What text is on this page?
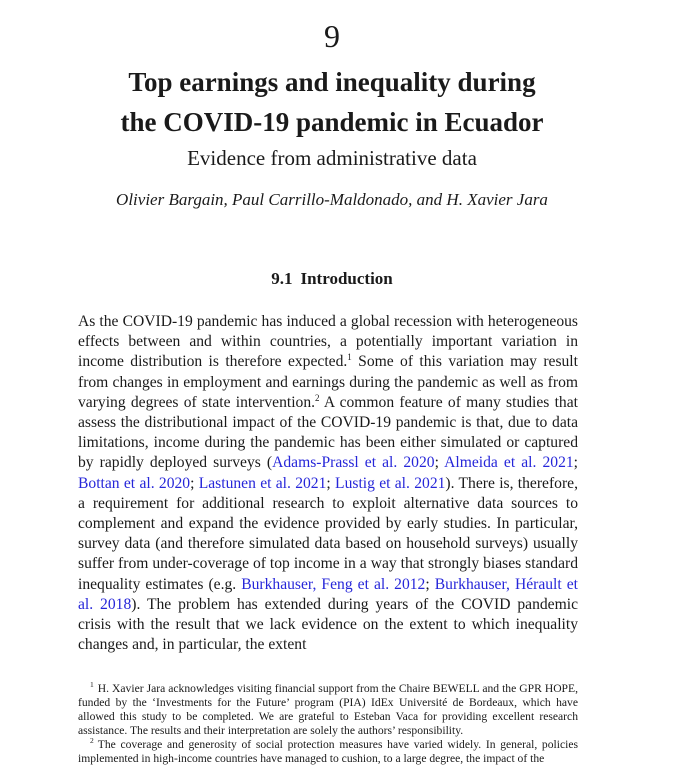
9
Top earnings and inequality during
the COVID-19 pandemic in Ecuador
Evidence from administrative data
Olivier Bargain, Paul Carrillo-Maldonado, and H. Xavier Jara
9.1 Introduction

As the COVID-19 pandemic has induced a global recession with heterogeneous effects between and within countries, a potentially important variation in income distribution is therefore expected.$^1$ Some of this variation may result from changes in employment and earnings during the pandemic as well as from varying degrees of state intervention.$^2$ A common feature of many studies that assess the distributional impact of the COVID-19 pandemic is that, due to data limitations, income during the pandemic has been either simulated or captured by rapidly deployed surveys (Adams-Prassl et al. 2020; Almeida et al. 2021; Bottan et al. 2020; Lastunen et al. 2021; Lustig et al. 2021). There is, therefore, a requirement for additional research to exploit alternative data sources to complement and expand the evidence provided by early studies. In particular, survey data (and therefore simulated data based on household surveys) usually suffer from under-coverage of top income in a way that strongly biases standard inequality estimates (e.g. Burkhauser, Feng et al. 2012; Burkhauser, Hérault et al. 2018). The problem has extended during years of the COVID pandemic crisis with the result that we lack evidence on the extent to which inequality changes and, in particular, the extent

$^1$ H. Xavier Jara acknowledges visiting financial support from the Chaire BEWELL and the GPR HOPE, funded by the ‘Investments for the Future’ program (PIA) IdEx Université de Bordeaux, which have allowed this study to be completed. We are grateful to Esteban Vaca for providing excellent research assistance. The results and their interpretation are solely the authors’ responsibility.

$^2$ The coverage and generosity of social protection measures have varied widely. In general, policies implemented in high-income countries have managed to cushion, to a large degree, the impact of the
